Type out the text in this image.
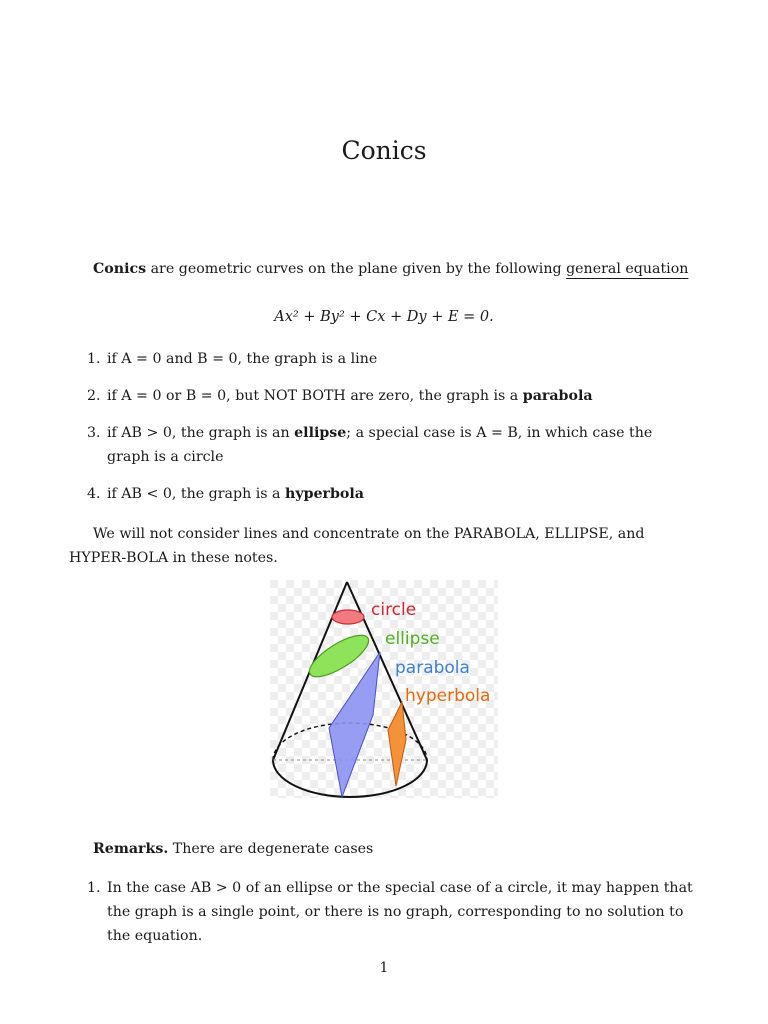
Conics
Conics are geometric curves on the plane given by the following general equation
Ax² + By² + Cx + Dy + E = 0.
1. if A = 0 and B = 0, the graph is a line
2. if A = 0 or B = 0, but NOT BOTH are zero, the graph is a parabola
3. if AB > 0, the graph is an ellipse; a special case is A = B, in which case the graph is a circle
4. if AB < 0, the graph is a hyperbola
We will not consider lines and concentrate on the PARABOLA, ELLIPSE, and HYPER-BOLA in these notes.
circle
ellipse
parabola
hyperbola
Remarks. There are degenerate cases
1. In the case AB > 0 of an ellipse or the special case of a circle, it may happen that the graph is a single point, or there is no graph, corresponding to no solution to the equation.
1
